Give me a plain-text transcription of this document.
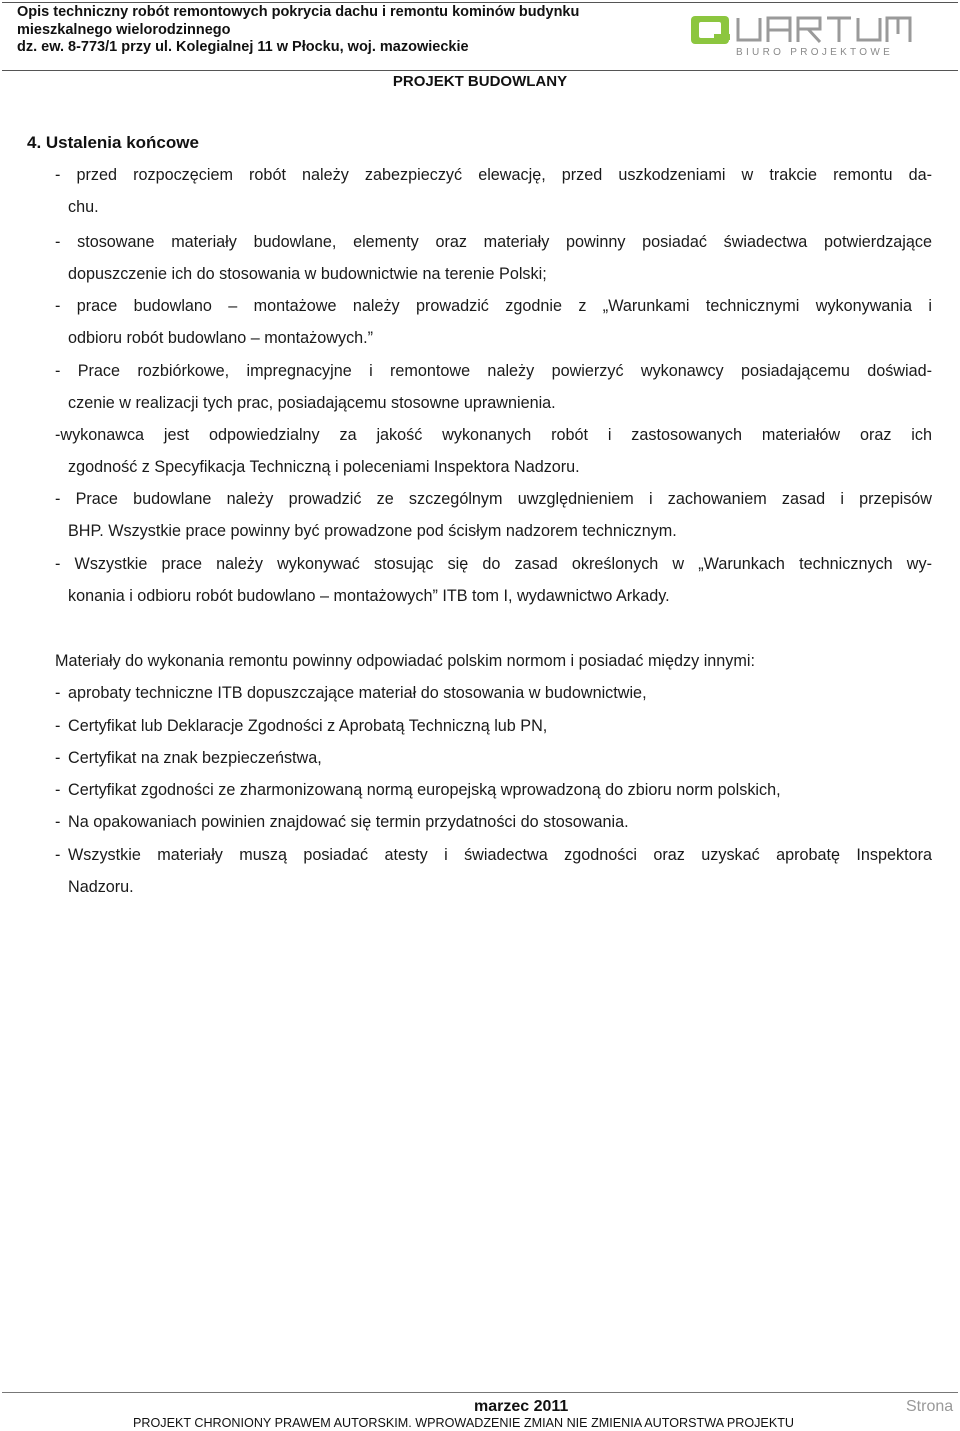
Opis techniczny robót remontowych pokrycia dachu i remontu kominów budynku
mieszkalnego wielorodzinnego
dz. ew. 8-773/1 przy ul. Kolegialnej 11 w Płocku, woj. mazowieckie	BIURO PROJEKTOWE
PROJEKT BUDOWLANY
4. Ustalenia końcowe
- przed rozpoczęciem robót należy zabezpieczyć elewację, przed uszkodzeniami w trakcie remontu da-
chu.
- stosowane materiały budowlane, elementy oraz materiały powinny posiadać świadectwa potwierdzające
dopuszczenie ich do stosowania w budownictwie na terenie Polski;
- prace budowlano – montażowe należy prowadzić zgodnie z „Warunkami technicznymi wykonywania i
odbioru robót budowlano – montażowych.”
- Prace rozbiórkowe, impregnacyjne i remontowe należy powierzyć wykonawcy posiadającemu doświad-
czenie w realizacji tych prac, posiadającemu stosowne uprawnienia.
-wykonawca jest odpowiedzialny za jakość wykonanych robót i zastosowanych materiałów oraz ich
zgodność z Specyfikacja Techniczną i poleceniami Inspektora Nadzoru.
- Prace budowlane należy prowadzić ze szczególnym uwzględnieniem i zachowaniem zasad i przepisów
BHP. Wszystkie prace powinny być prowadzone pod ścisłym nadzorem technicznym.
- Wszystkie prace należy wykonywać stosując się do zasad określonych w „Warunkach technicznych wy-
konania i odbioru robót budowlano – montażowych” ITB tom I, wydawnictwo Arkady.
Materiały do wykonania remontu powinny odpowiadać polskim normom i posiadać między innymi:
- aprobaty techniczne ITB dopuszczające materiał do stosowania w budownictwie,
- Certyfikat lub Deklaracje Zgodności z Aprobatą Techniczną lub PN,
- Certyfikat na znak bezpieczeństwa,
- Certyfikat zgodności ze zharmonizowaną normą europejską wprowadzoną do zbioru norm polskich,
- Na opakowaniach powinien znajdować się termin przydatności do stosowania.
- Wszystkie materiały muszą posiadać atesty i świadectwa zgodności oraz uzyskać aprobatę Inspektora
Nadzoru.
marzec 2011	Strona
PROJEKT CHRONIONY PRAWEM AUTORSKIM. WPROWADZENIE ZMIAN NIE ZMIENIA AUTORSTWA PROJEKTU
